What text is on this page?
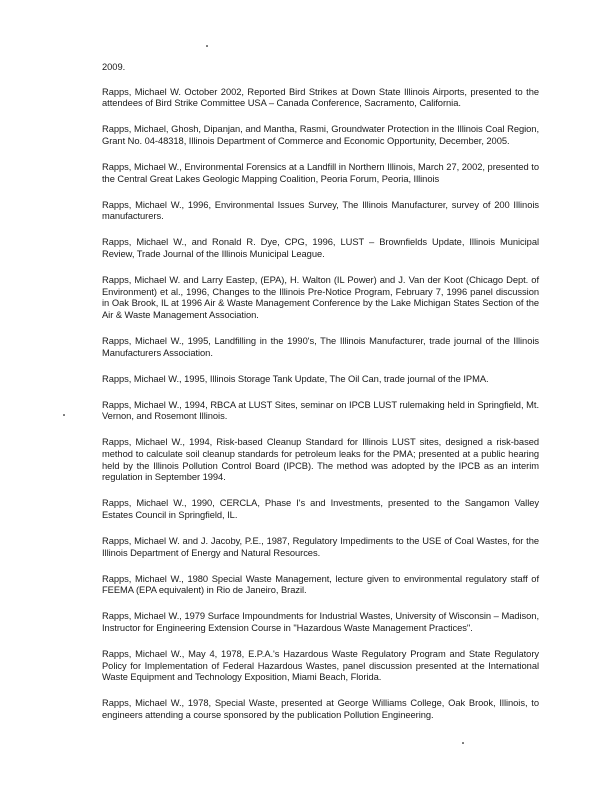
2009.

Rapps, Michael W. October 2002, Reported Bird Strikes at Down State Illinois Airports, presented to the attendees of Bird Strike Committee USA – Canada Conference, Sacramento, California.

Rapps, Michael, Ghosh, Dipanjan, and Mantha, Rasmi, Groundwater Protection in the Illinois Coal Region, Grant No. 04-48318, Illinois Department of Commerce and Economic Opportunity, December, 2005.

Rapps, Michael W., Environmental Forensics at a Landfill in Northern Illinois, March 27, 2002, presented to the Central Great Lakes Geologic Mapping Coalition, Peoria Forum, Peoria, Illinois

Rapps, Michael W., 1996, Environmental Issues Survey, The Illinois Manufacturer, survey of 200 Illinois manufacturers.

Rapps, Michael W., and Ronald R. Dye, CPG, 1996, LUST – Brownfields Update, Illinois Municipal Review, Trade Journal of the Illinois Municipal League.

Rapps, Michael W. and Larry Eastep, (EPA), H. Walton (IL Power) and J. Van der Koot (Chicago Dept. of Environment) et al., 1996, Changes to the Illinois Pre-Notice Program, February 7, 1996 panel discussion in Oak Brook, IL at 1996 Air & Waste Management Conference by the Lake Michigan States Section of the Air & Waste Management Association.

Rapps, Michael W., 1995, Landfilling in the 1990's, The Illinois Manufacturer, trade journal of the Illinois Manufacturers Association.

Rapps, Michael W., 1995, Illinois Storage Tank Update, The Oil Can, trade journal of the IPMA.

Rapps, Michael W., 1994, RBCA at LUST Sites, seminar on IPCB LUST rulemaking held in Springfield, Mt. Vernon, and Rosemont Illinois.

Rapps, Michael W., 1994, Risk-based Cleanup Standard for Illinois LUST sites, designed a risk-based method to calculate soil cleanup standards for petroleum leaks for the PMA; presented at a public hearing held by the Illinois Pollution Control Board (IPCB). The method was adopted by the IPCB as an interim regulation in September 1994.

Rapps, Michael W., 1990, CERCLA, Phase I's and Investments, presented to the Sangamon Valley Estates Council in Springfield, IL.

Rapps, Michael W. and J. Jacoby, P.E., 1987, Regulatory Impediments to the USE of Coal Wastes, for the Illinois Department of Energy and Natural Resources.

Rapps, Michael W., 1980 Special Waste Management, lecture given to environmental regulatory staff of FEEMA (EPA equivalent) in Rio de Janeiro, Brazil.

Rapps, Michael W., 1979 Surface Impoundments for Industrial Wastes, University of Wisconsin – Madison, Instructor for Engineering Extension Course in "Hazardous Waste Management Practices".

Rapps, Michael W., May 4, 1978, E.P.A.'s Hazardous Waste Regulatory Program and State Regulatory Policy for Implementation of Federal Hazardous Wastes, panel discussion presented at the International Waste Equipment and Technology Exposition, Miami Beach, Florida.

Rapps, Michael W., 1978, Special Waste, presented at George Williams College, Oak Brook, Illinois, to engineers attending a course sponsored by the publication Pollution Engineering.
